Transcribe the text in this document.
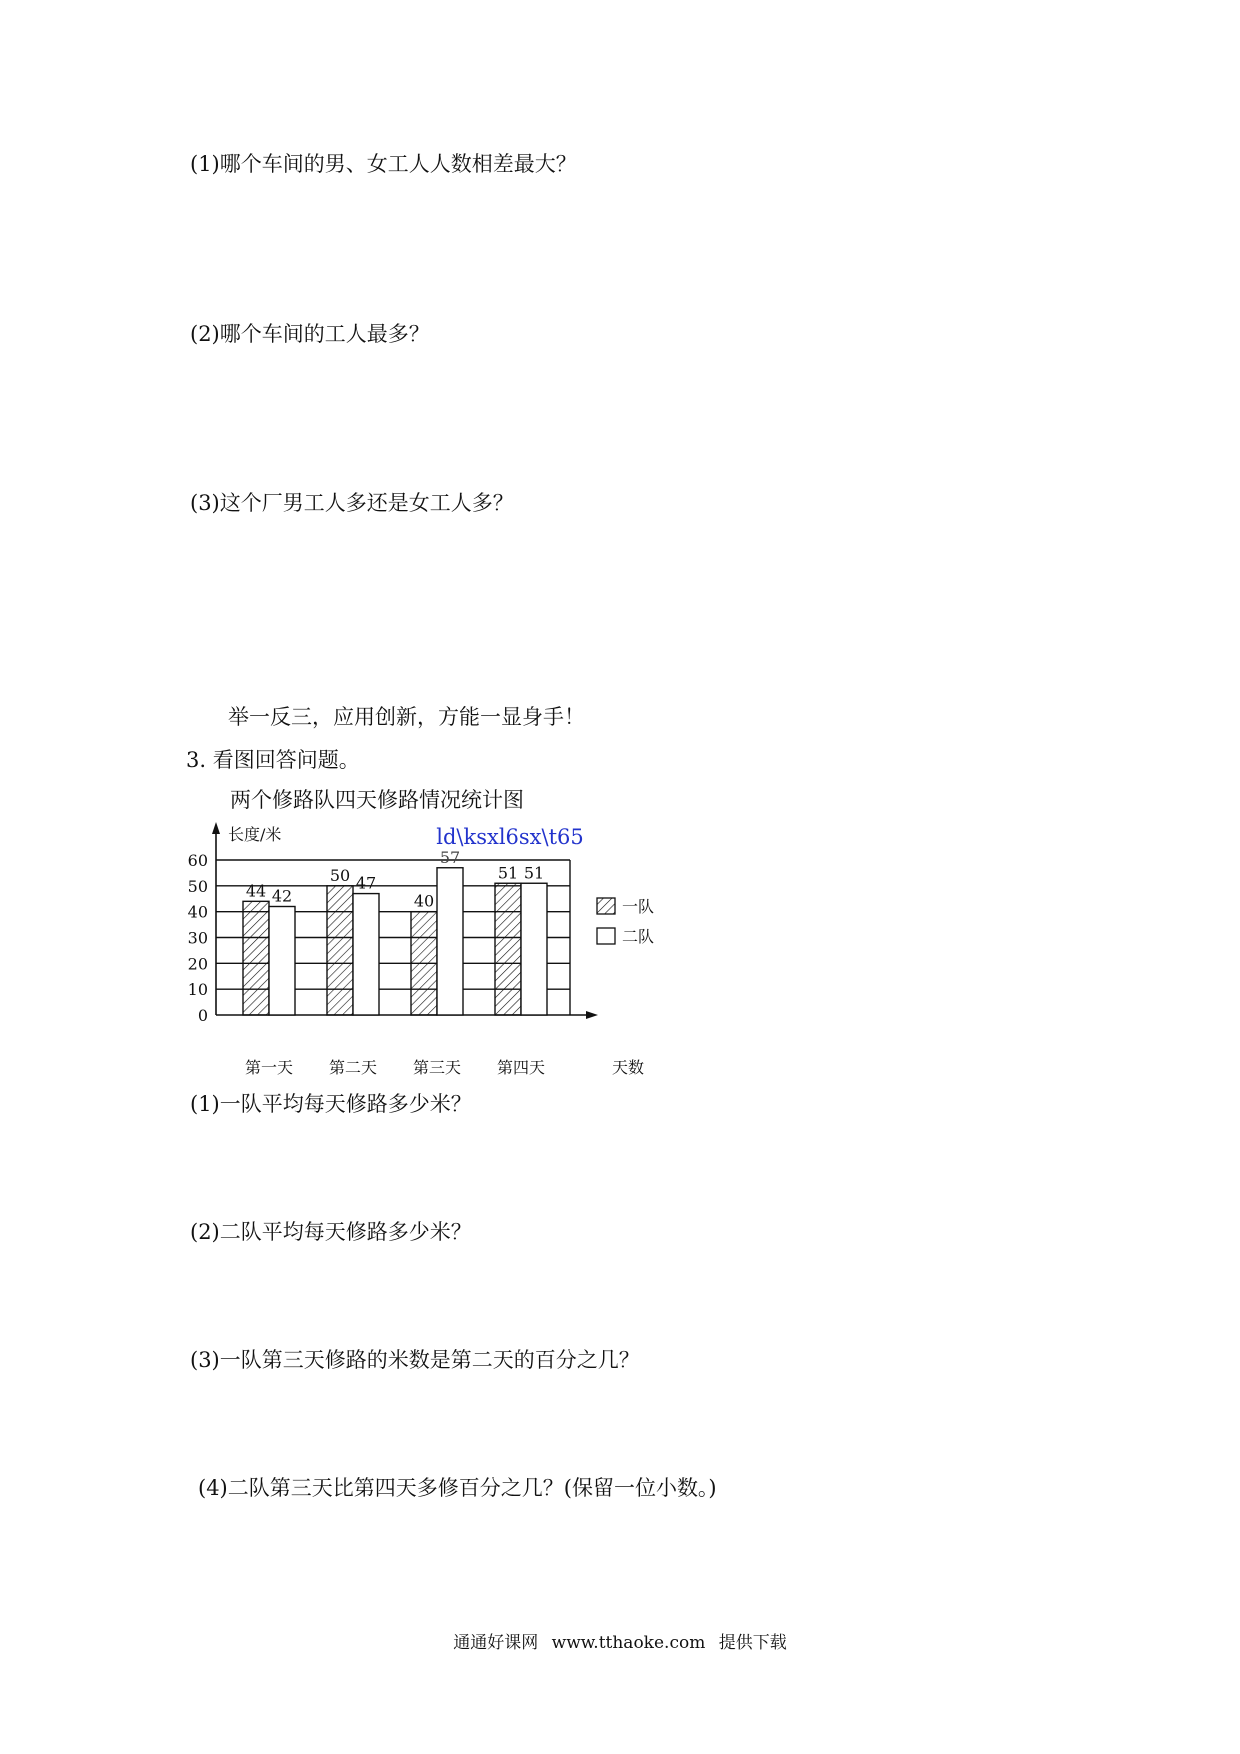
(1)哪个车间的男、女工人人数相差最大？

(2)哪个车间的工人最多？

(3)这个厂男工人多还是女工人多？

举一反三，应用创新，方能一显身手！

3. 看图回答问题。

两个修路队四天修路情况统计图

0
10
20
30
40
50
60
长度/米
天数
ld\ksxl6sx\t65
44 42
第一天
50 47
第二天
40
57
第三天
51 51
第四天
一队
二队

(1)一队平均每天修路多少米？

(2)二队平均每天修路多少米？

(3)一队第三天修路的米数是第二天的百分之几？

(4)二队第三天比第四天多修百分之几？(保留一位小数。)

通通好课网 www.tthaoke.com 提供下载
